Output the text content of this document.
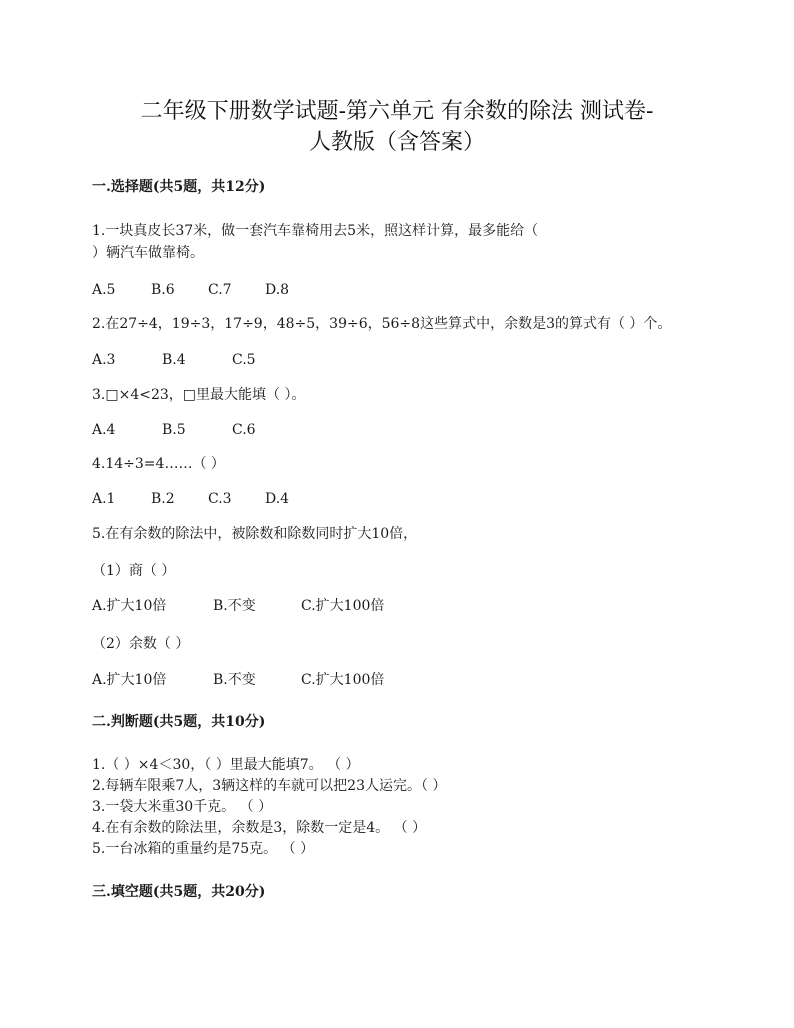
二年级下册数学试题-第六单元 有余数的除法 测试卷-
人教版（含答案）
一.选择题(共5题，共12分)
1.一块真皮长37米，做一套汽车靠椅用去5米，照这样计算，最多能给（
）辆汽车做靠椅。
A.5	B.6 C.7 D.8
2.在27÷4，19÷3，17÷9，48÷5，39÷6，56÷8这些算式中，余数是3的算式有（ ）个。
A.3	B.4	C.5
3.□×4<23，□里最大能填（ ）。
A.4	B.5	C.6
4.14÷3=4……（ ）
A.1	B.2 C.3 D.4
5.在有余数的除法中，被除数和除数同时扩大10倍，
（1）商（ ）
A.扩大10倍	B.不变	C.扩大100倍
（2）余数（ ）
A.扩大10倍	B.不变	C.扩大100倍
二.判断题(共5题，共10分)
1.（ ）×4＜30，（ ）里最大能填7。 （ ）
2.每辆车限乘7人，3辆这样的车就可以把23人运完。（ ）
3.一袋大米重30千克。 （ ）
4.在有余数的除法里，余数是3，除数一定是4。 （ ）
5.一台冰箱的重量约是75克。 （ ）
三.填空题(共5题，共20分)
